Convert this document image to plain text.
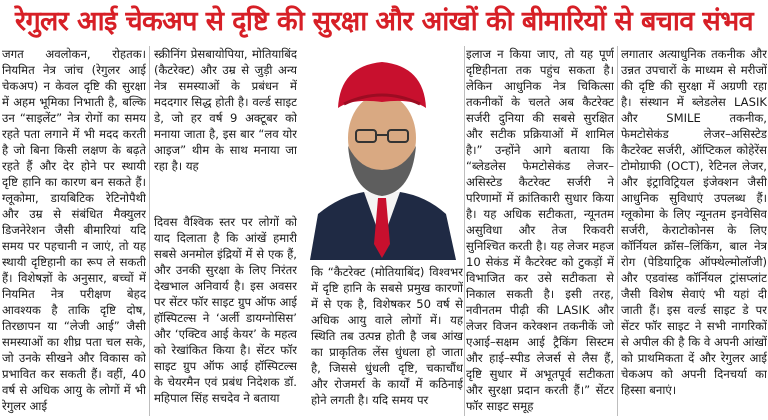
रेगुलर आई चेकअप से दृष्टि की सुरक्षा और आंखों की बीमारियों से बचाव संभव

जगत अवलोकन, रोहतक। नियमित नेत्र जांच (रेगुलर आई चेकअप) न केवल दृष्टि की सुरक्षा में अहम भूमिका निभाती है, बल्कि उन “साइलेंट” नेत्र रोगों का समय रहते पता लगाने में भी मदद करती है जो बिना किसी लक्षण के बढ़ते रहते हैं और देर होने पर स्थायी दृष्टि हानि का कारण बन सकते हैं। ग्लूकोमा, डायबिटिक रेटिनोपैथी और उम्र से संबंधित मैक्युलर डिजनेरेशन जैसी बीमारियां यदि समय पर पहचानी न जाएं, तो यह स्थायी दृष्टिहानी का रूप ले सकती हैं। विशेषज्ञों के अनुसार, बच्चों में नियमित नेत्र परीक्षण बेहद आवश्यक है ताकि दृष्टि दोष, तिरछापन या “लेजी आई” जैसी समस्याओं का शीघ्र पता चल सके, जो उनके सीखने और विकास को प्रभावित कर सकती हैं। वहीं, 40 वर्ष से अधिक आयु के लोगों में भी रेगुलर आई

स्क्रीनिंग प्रेसबायोपिया, मोतियाबिंद (कैटरेक्ट) और उम्र से जुड़ी अन्य नेत्र समस्याओं के प्रबंधन में मददगार सिद्ध होती है। वर्ल्ड साइट डे, जो हर वर्ष 9 अक्टूबर को मनाया जाता है, इस बार “लव योर आइज” थीम के साथ मनाया जा रहा है। यह

दिवस वैश्विक स्तर पर लोगों को याद दिलाता है कि आंखें हमारी सबसे अनमोल इंद्रियों में से एक हैं, और उनकी सुरक्षा के लिए निरंतर देखभाल अनिवार्य है। इस अवसर पर सेंटर फॉर साइट ग्रुप ऑफ आई हॉस्पिटल्स ने ‘अर्ली डायग्नोसिस’ और ‘एक्टिव आई केयर’ के महत्व को रेखांकित किया है। सेंटर फॉर साइट ग्रुप ऑफ आई हॉस्पिटल्स के चेयरमैन एवं प्रबंध निदेशक डॉ. महिपाल सिंह सचदेव ने बताया

कि “कैटरेक्ट (मोतियाबिंद) विश्वभर में दृष्टि हानि के सबसे प्रमुख कारणों में से एक है, विशेषकर 50 वर्ष से अधिक आयु वाले लोगों में। यह स्थिति तब उत्पन्न होती है जब आंख का प्राकृतिक लेंस धुंधला हो जाता है, जिससे धुंधली दृष्टि, चकाचौंध और रोजमर्रा के कार्यों में कठिनाई होने लगती है। यदि समय पर

इलाज न किया जाए, तो यह पूर्ण दृष्टिहीनता तक पहुंच सकता है। लेकिन आधुनिक नेत्र चिकित्सा तकनीकों के चलते अब कैटरेक्ट सर्जरी दुनिया की सबसे सुरक्षित और सटीक प्रक्रियाओं में शामिल है।” उन्होंने आगे बताया कि “ब्लेडलेस फेमटोसेकंड लेजर–असिस्टेड कैटरेक्ट सर्जरी ने परिणामों में क्रांतिकारी सुधार किया है। यह अधिक सटीकता, न्यूनतम असुविधा और तेज रिकवरी सुनिश्चित करती है। यह लेजर महज 10 सेकंड में कैटरेक्ट को टुकड़ों में विभाजित कर उसे सटीकता से निकाल सकती है। इसी तरह, नवीनतम पीढ़ी की LASIK और लेजर विजन करेक्शन तकनीकें जो एआई–सक्षम आई ट्रैकिंग सिस्टम और हाई–स्पीड लेजर्स से लैस हैं, दृष्टि सुधार में अभूतपूर्व सटीकता और सुरक्षा प्रदान करती हैं।” सेंटर फॉर साइट समूह

लगातार अत्याधुनिक तकनीक और उन्नत उपचारों के माध्यम से मरीजों की दृष्टि की सुरक्षा में अग्रणी रहा है। संस्थान में ब्लेडलेस LASIK और SMILE तकनीक, फेमटोसेकंड लेजर–असिस्टेड कैटरेक्ट सर्जरी, ऑप्टिकल कोहेरेंस टोमोग्राफी (OCT), रेटिनल लेजर, और इंट्राविट्रियल इंजेक्शन जैसी आधुनिक सुविधाएं उपलब्ध हैं। ग्लूकोमा के लिए न्यूनतम इनवेसिव सर्जरी, केराटोकोनस के लिए कॉर्नियल क्रॉस–लिंकिंग, बाल नेत्र रोग (पेडियाट्रिक ऑफ्थेल्मोलॉजी) और एडवांस्ड कॉर्नियल ट्रांसप्लांट जैसी विशेष सेवाएं भी यहां दी जाती हैं। इस वर्ल्ड साइट डे पर सेंटर फॉर साइट ने सभी नागरिकों से अपील की है कि वे अपनी आंखों को प्राथमिकता दें और रेगुलर आई चेकअप को अपनी दिनचर्या का हिस्सा बनाएं।
